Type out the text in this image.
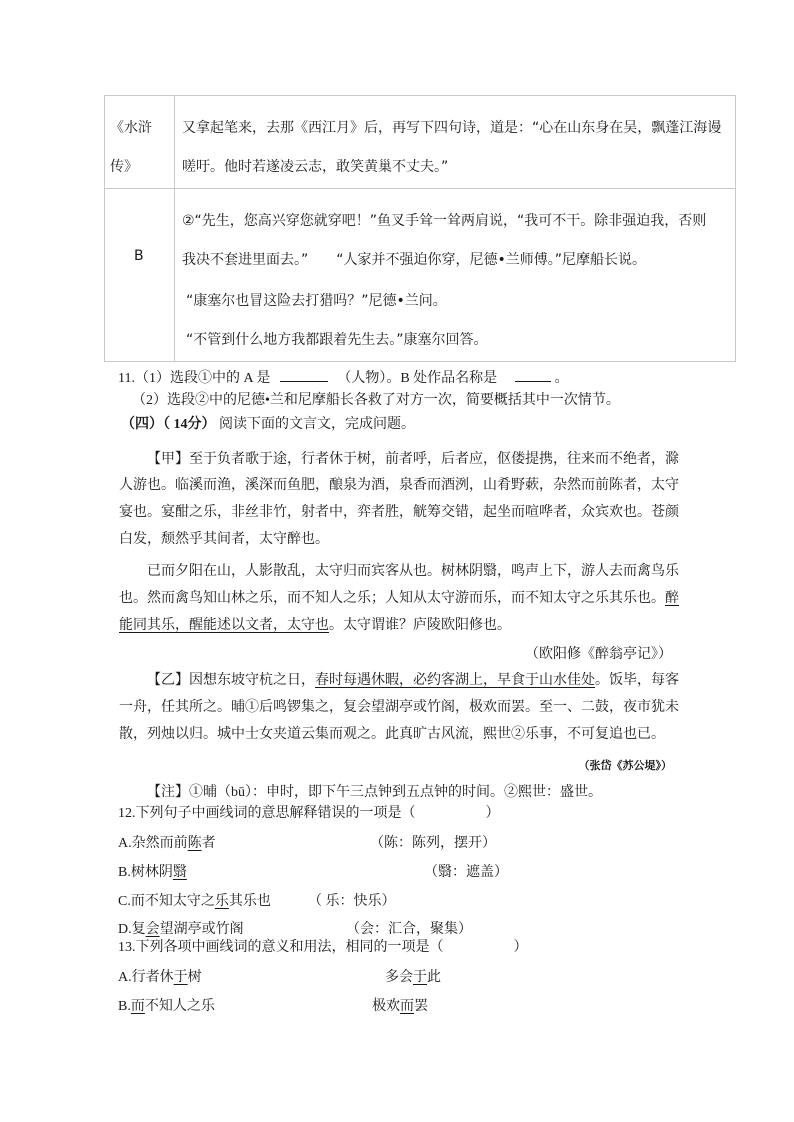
《水浒
传》
又拿起笔来，去那《西江月》后，再写下四句诗，道是：“心在山东身在吴，飘蓬江海谩
嗟吁。他时若遂凌云志，敢笑黄巢不丈夫。”
B
②“先生，您高兴穿您就穿吧！”鱼叉手耸一耸两肩说，“我可不干。除非强迫我，否则
我决不套进里面去。”　　“人家并不强迫你穿，尼德•兰师傅。”尼摩船长说。
“康塞尔也冒这险去打猎吗？”尼德•兰问。
“不管到什么地方我都跟着先生去。”康塞尔回答。
11.（1）选段①中的 A 是	（人物）。B 处作品名称是	。
（2）选段②中的尼德•兰和尼摩船长各救了对方一次，简要概括其中一次情节。
（四）（ 14分） 阅读下面的文言文，完成问题。
【甲】至于负者歌于途，行者休于树，前者呼，后者应，伛偻提携，往来而不绝者，滁
人游也。临溪而渔，溪深而鱼肥，酿泉为酒，泉香而酒洌，山肴野蔌，杂然而前陈者，太守
宴也。宴酣之乐，非丝非竹，射者中，弈者胜，觥筹交错，起坐而喧哗者，众宾欢也。苍颜
白发，颓然乎其间者，太守醉也。
已而夕阳在山，人影散乱，太守归而宾客从也。树林阴翳，鸣声上下，游人去而禽鸟乐
也。然而禽鸟知山林之乐，而不知人之乐；人知从太守游而乐，而不知太守之乐其乐也。醉
能同其乐，醒能述以文者，太守也。太守谓谁？庐陵欧阳修也。
（欧阳修《醉翁亭记》）
【乙】因想东坡守杭之日，春时每遇休暇，必约客湖上，早食于山水佳处。饭毕，每客
一舟，任其所之。晡①后鸣锣集之，复会望湖亭或竹阁，极欢而罢。至一、二鼓，夜市犹未
散，列烛以归。城中士女夹道云集而观之。此真旷古风流，熙世②乐事，不可复追也已。
（张岱《苏公堤》）
【注】①晡（bū）：申时，即下午三点钟到五点钟的时间。②熙世：盛世。
12.下列句子中画线词的意思解释错误的一项是（　　　　　）
A.杂然而前陈者	（陈：陈列，摆开）
B.树林阴翳	（翳：遮盖）
C.而不知太守之乐其乐也	（ 乐：快乐）
D.复会望湖亭或竹阁	（会：汇合，聚集）
13.下列各项中画线词的意义和用法，相同的一项是（　　　　　）
A.行者休于树	多会于此
B.而不知人之乐	极欢而罢
